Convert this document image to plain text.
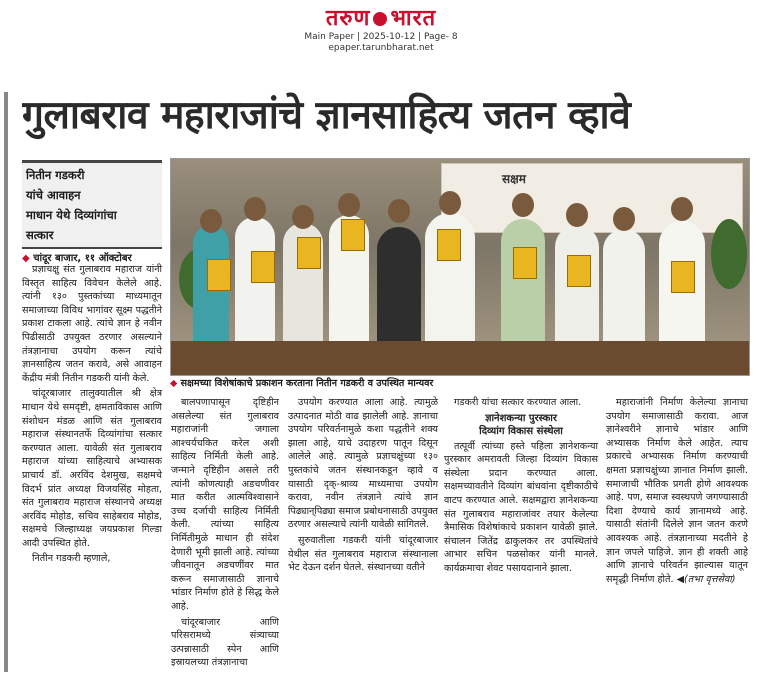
तरुण भारत
Main Paper | 2025-10-12 | Page- 8
epaper.tarunbharat.net
गुलाबराव महाराजांचे ज्ञानसाहित्य जतन व्हावे
नितीन गडकरी
यांचे आवाहन
माधान येथे दिव्यांगांचा
सत्कार
◆ चांदूर बाजार, ११ ऑक्टोबर

प्रज्ञाचक्षु संत गुलाबराव महाराज यांनी विस्तृत साहित्य विवेचन केलेले आहे. त्यांनी १३० पुस्तकांच्या माध्यमातून समाजाच्या विविध भागांवर सूक्ष्म पद्धतीने प्रकाश टाकला आहे. त्यांचे ज्ञान हे नवीन पिढीसाठी उपयुक्त ठरणार असल्याने तंत्रज्ञानाचा उपयोग करून त्यांचे ज्ञानसाहित्य जतन करावे, असे आवाहन केंद्रीय मंत्री नितीन गडकरी यांनी केले.

चांदूरबाजार तालुक्यातील श्री क्षेत्र माधान येथे समदृष्टी, क्षमताविकास आणि संशोधन मंडळ आणि संत गुलाबराव महाराज संस्थानतर्फे दिव्यांगांचा सत्कार करण्यात आला. यावेळी संत गुलाबराव महाराज यांच्या साहित्याचे अभ्यासक प्राचार्य डॉ. अरविंद देशमुख, सक्षमचे विदर्भ प्रांत अध्यक्ष विजयसिंह मोहता, संत गुलाबराव महाराज संस्थानचे अध्यक्ष अरविंद मोहोड, सचिव साहेबराव मोहोड, सक्षमचे जिल्हाध्यक्ष जयप्रकाश गिल्डा आदी उपस्थित होते.

नितीन गडकरी म्हणाले,

सक्षम
◆ सक्षमच्या विशेषांकाचे प्रकाशन करताना नितीन गडकरी व उपस्थित मान्यवर

बालपणापासून दृष्टिहीन असलेल्या संत गुलाबराव महाराजांनी जगाला आश्चर्यचकित करेल अशी साहित्य निर्मिती केली आहे. जन्माने दृष्टिहीन असले तरी त्यांनी कोणत्याही अडचणीवर मात करीत आत्मविश्वासाने उच्च दर्जाची साहित्य निर्मिती केली. त्यांच्या साहित्य निर्मितीमुळे माधान ही संदेश देणारी भूमी झाली आहे. त्यांच्या जीवनातून अडचणींवर मात करून समाजासाठी ज्ञानाचे भांडार निर्माण होते हे सिद्ध केले आहे.

चांदूरबाजार आणि परिसरामध्ये संत्र्याच्या उत्पन्नासाठी स्पेन आणि इस्रायलच्या तंत्रज्ञानाचा

उपयोग करण्यात आला आहे. त्यामुळे उत्पादनात मोठी वाढ झालेली आहे. ज्ञानाचा उपयोग परिवर्तनामुळे कशा पद्धतीने शक्य झाला आहे, याचे उदाहरण पातून दिसून आलेले आहे. त्यामुळे प्रज्ञाचक्षुंच्या १३० पुस्तकांचे जतन संस्थानकडून व्हावे व यासाठी दृक्-श्राव्य माध्यमाचा उपयोग करावा, नवीन तंत्रज्ञाने त्यांचे ज्ञान पिढ्यान्‌पिढ्या समाज प्रबोधनासाठी उपयुक्त ठरणार असल्याचे त्यांनी यावेळी सांगितले.

सुरुवातीला गडकरी यांनी चांदूरबाजार येथील संत गुलाबराव महाराज संस्थानाला भेट देऊन दर्शन घेतले. संस्थानच्या वतीने

गडकरी यांचा सत्कार करण्यात आला.

ज्ञानेशकन्या पुरस्कार
दिव्यांग विकास संस्थेला

तत्पूर्वी त्यांच्या हस्ते पहिला ज्ञानेशकन्या पुरस्कार अमरावती जिल्हा दिव्यांग विकास संस्थेला प्रदान करण्यात आला. सक्षमच्यावतीने दिव्यांग बांधवांना दृष्टीकाठीचे वाटप करण्यात आले. सक्षमद्वारा ज्ञानेशकन्या संत गुलाबराव महाराजांवर तयार केलेल्या त्रैमासिक विशेषांकाचे प्रकाशन यावेळी झाले. संचालन जितेंद्र ढाकुलकर तर उपस्थितांचे आभार सचिन पळसोकर यांनी मानले. कार्यक्रमाचा शेवट पसायदानाने झाला.

महाराजांनी निर्माण केलेल्या ज्ञानाचा उपयोग समाजासाठी करावा. आज ज्ञानेश्वरीने ज्ञानाचे भांडार आणि अभ्यासक निर्माण केले आहेत. त्याच प्रकारचे अभ्यासक निर्माण करण्याची क्षमता प्रज्ञाचक्षुंच्या ज्ञानात निर्माण झाली. समाजाची भौतिक प्रगती होणे आवश्यक आहे. पण, समाज स्वस्थपणे जगण्यासाठी दिशा देण्याचे कार्य ज्ञानामध्ये आहे. यासाठी संतांनी दिलेले ज्ञान जतन करणे आवश्यक आहे. तंत्रज्ञानाच्या मदतीने हे ज्ञान जपले पाहिजे. ज्ञान ही शक्ती आहे आणि ज्ञानाचे परिवर्तन झाल्यास यातून समृद्धी निर्माण होते. ◀(तभा वृत्तसेवा)
